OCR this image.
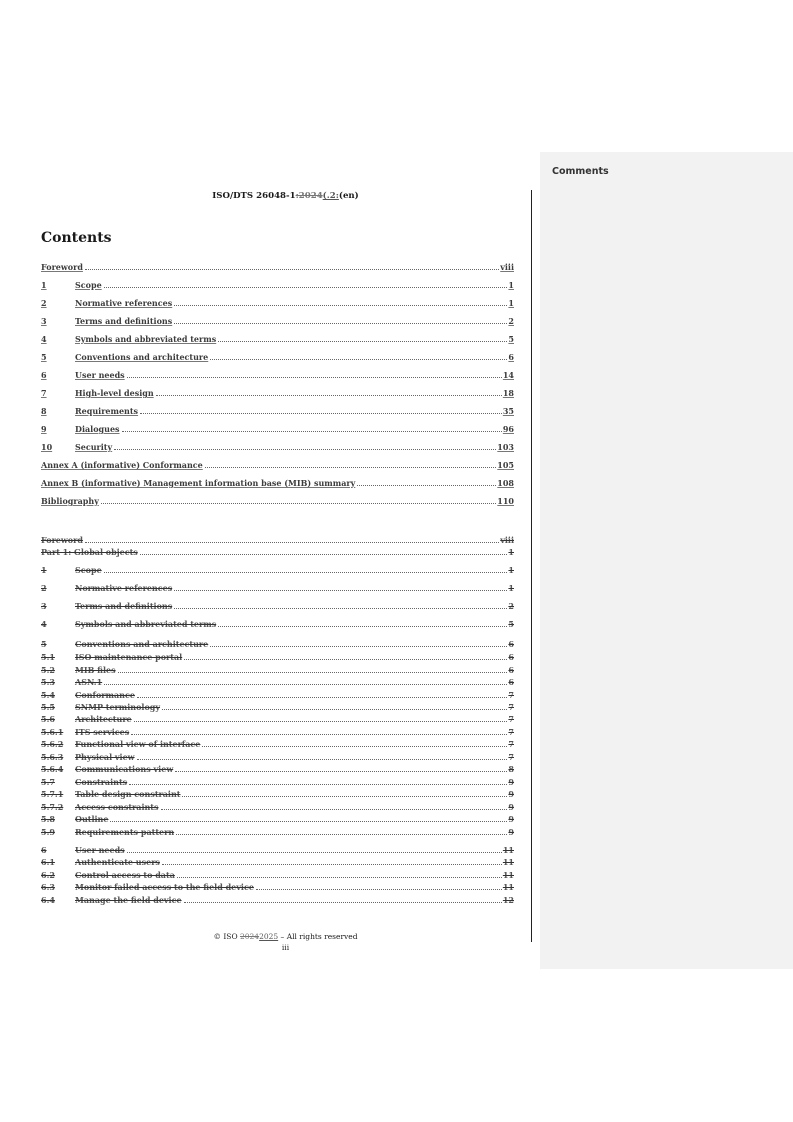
Comments
ISO/DTS 26048-1:2024(.2:(en)
Contents
Foreword	viii
1	Scope	1
2	Normative references	1
3	Terms and definitions	2
4	Symbols and abbreviated terms	5
5	Conventions and architecture	6
6	User needs	14
7	High-level design	18
8	Requirements	35
9	Dialogues	96
10	Security	103
Annex A (informative) Conformance	105
Annex B (informative) Management information base (MIB) summary	108
Bibliography	110
Foreword	viii
Part 1: Global objects	1
1	Scope	1
2	Normative references	1
3	Terms and definitions	2
4	Symbols and abbreviated terms	5
5	Conventions and architecture	6
5.1	ISO maintenance portal	6
5.2	MIB files	6
5.3	ASN.1	6
5.4	Conformance	7
5.5	SNMP terminology	7
5.6	Architecture	7
5.6.1	ITS services	7
5.6.2	Functional view of interface	7
5.6.3	Physical view	7
5.6.4	Communications view	8
5.7	Constraints	9
5.7.1	Table design constraint	9
5.7.2	Access constraints	9
5.8	Outline	9
5.9	Requirements pattern	9
6	User needs	11
6.1	Authenticate users	11
6.2	Control access to data	11
6.3	Monitor failed access to the field device	11
6.4	Manage the field device	12
© ISO 20242025 – All rights reserved
iii
